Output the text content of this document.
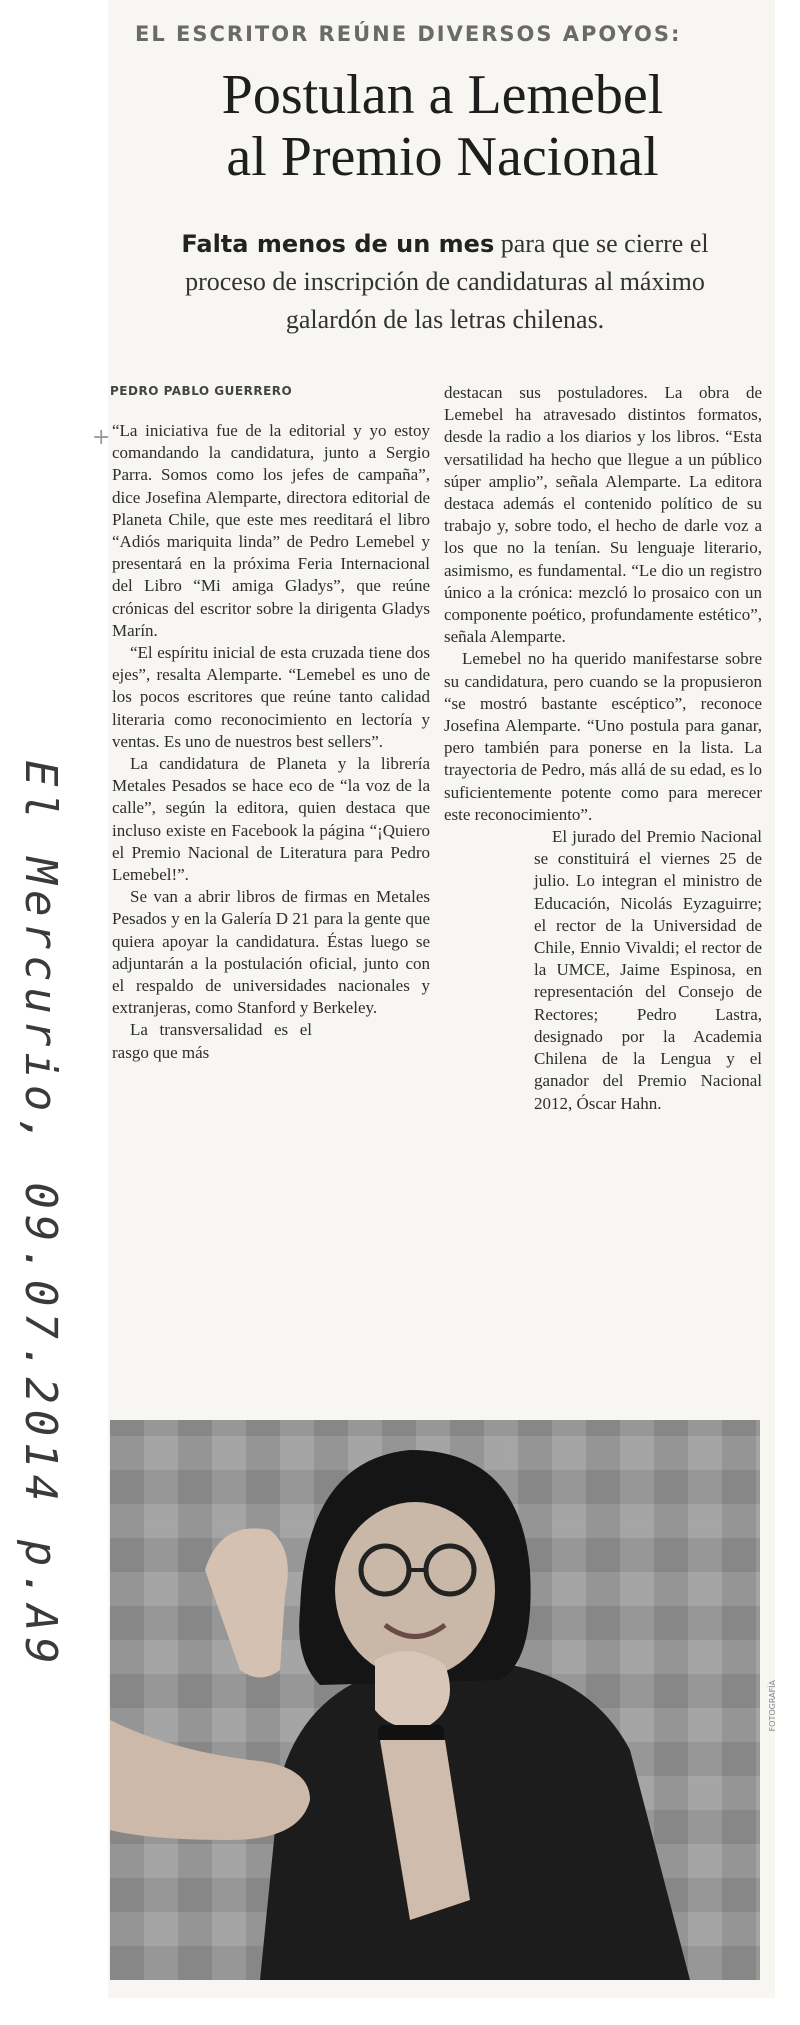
EL ESCRITOR REÚNE DIVERSOS APOYOS:
Postulan a Lemebel
al Premio Nacional
Falta menos de un mes para que se cierre el proceso de inscripción de candidaturas al máximo galardón de las letras chilenas.
PEDRO PABLO GUERRERO
+ “La iniciativa fue de la editorial y yo estoy comandando la candidatura, junto a Sergio Parra. Somos como los jefes de campaña”, dice Josefina Alemparte, directora editorial de Planeta Chile, que este mes reeditará el libro “Adiós mariquita linda” de Pedro Lemebel y presentará en la próxima Feria Internacional del Libro “Mi amiga Gladys”, que reúne crónicas del escritor sobre la dirigenta Gladys Marín.

“El espíritu inicial de esta cruzada tiene dos ejes”, resalta Alemparte. “Lemebel es uno de los pocos escritores que reúne tanto calidad literaria como reconocimiento en lectoría y ventas. Es uno de nuestros best sellers”.

La candidatura de Planeta y la librería Metales Pesados se hace eco de “la voz de la calle”, según la editora, quien destaca que incluso existe en Facebook la página “¡Quiero el Premio Nacional de Literatura para Pedro Lemebel!”.

Se van a abrir libros de firmas en Metales Pesados y en la Galería D 21 para la gente que quiera apoyar la candidatura. Éstas luego se adjuntarán a la postulación oficial, junto con el respaldo de universidades nacionales y extranjeras, como Stanford y Berkeley.

La transversalidad es el rasgo que más

destacan sus postuladores. La obra de Lemebel ha atravesado distintos formatos, desde la radio a los diarios y los libros. “Esta versatilidad ha hecho que llegue a un público súper amplio”, señala Alemparte. La editora destaca además el contenido político de su trabajo y, sobre todo, el hecho de darle voz a los que no la tenían. Su lenguaje literario, asimismo, es fundamental. “Le dio un registro único a la crónica: mezcló lo prosaico con un componente poético, profundamente estético”, señala Alemparte.

Lemebel no ha querido manifestarse sobre su candidatura, pero cuando se la propusieron “se mostró bastante escéptico”, reconoce Josefina Alemparte. “Uno postula para ganar, pero también para ponerse en la lista. La trayectoria de Pedro, más allá de su edad, es lo suficientemente potente como para merecer este reconocimiento”.

El jurado del Premio Nacional se constituirá el viernes 25 de julio. Lo integran el ministro de Educación, Nicolás Eyzaguirre; el rector de la Universidad de Chile, Ennio Vivaldi; el rector de la UMCE, Jaime Espinosa, en representación del Consejo de Rectores; Pedro Lastra, designado por la Academia Chilena de la Lengua y el ganador del Premio Nacional 2012, Óscar Hahn.

El Mercurio, 09.07.2014 p.A9
FOTOGRAFÍA
